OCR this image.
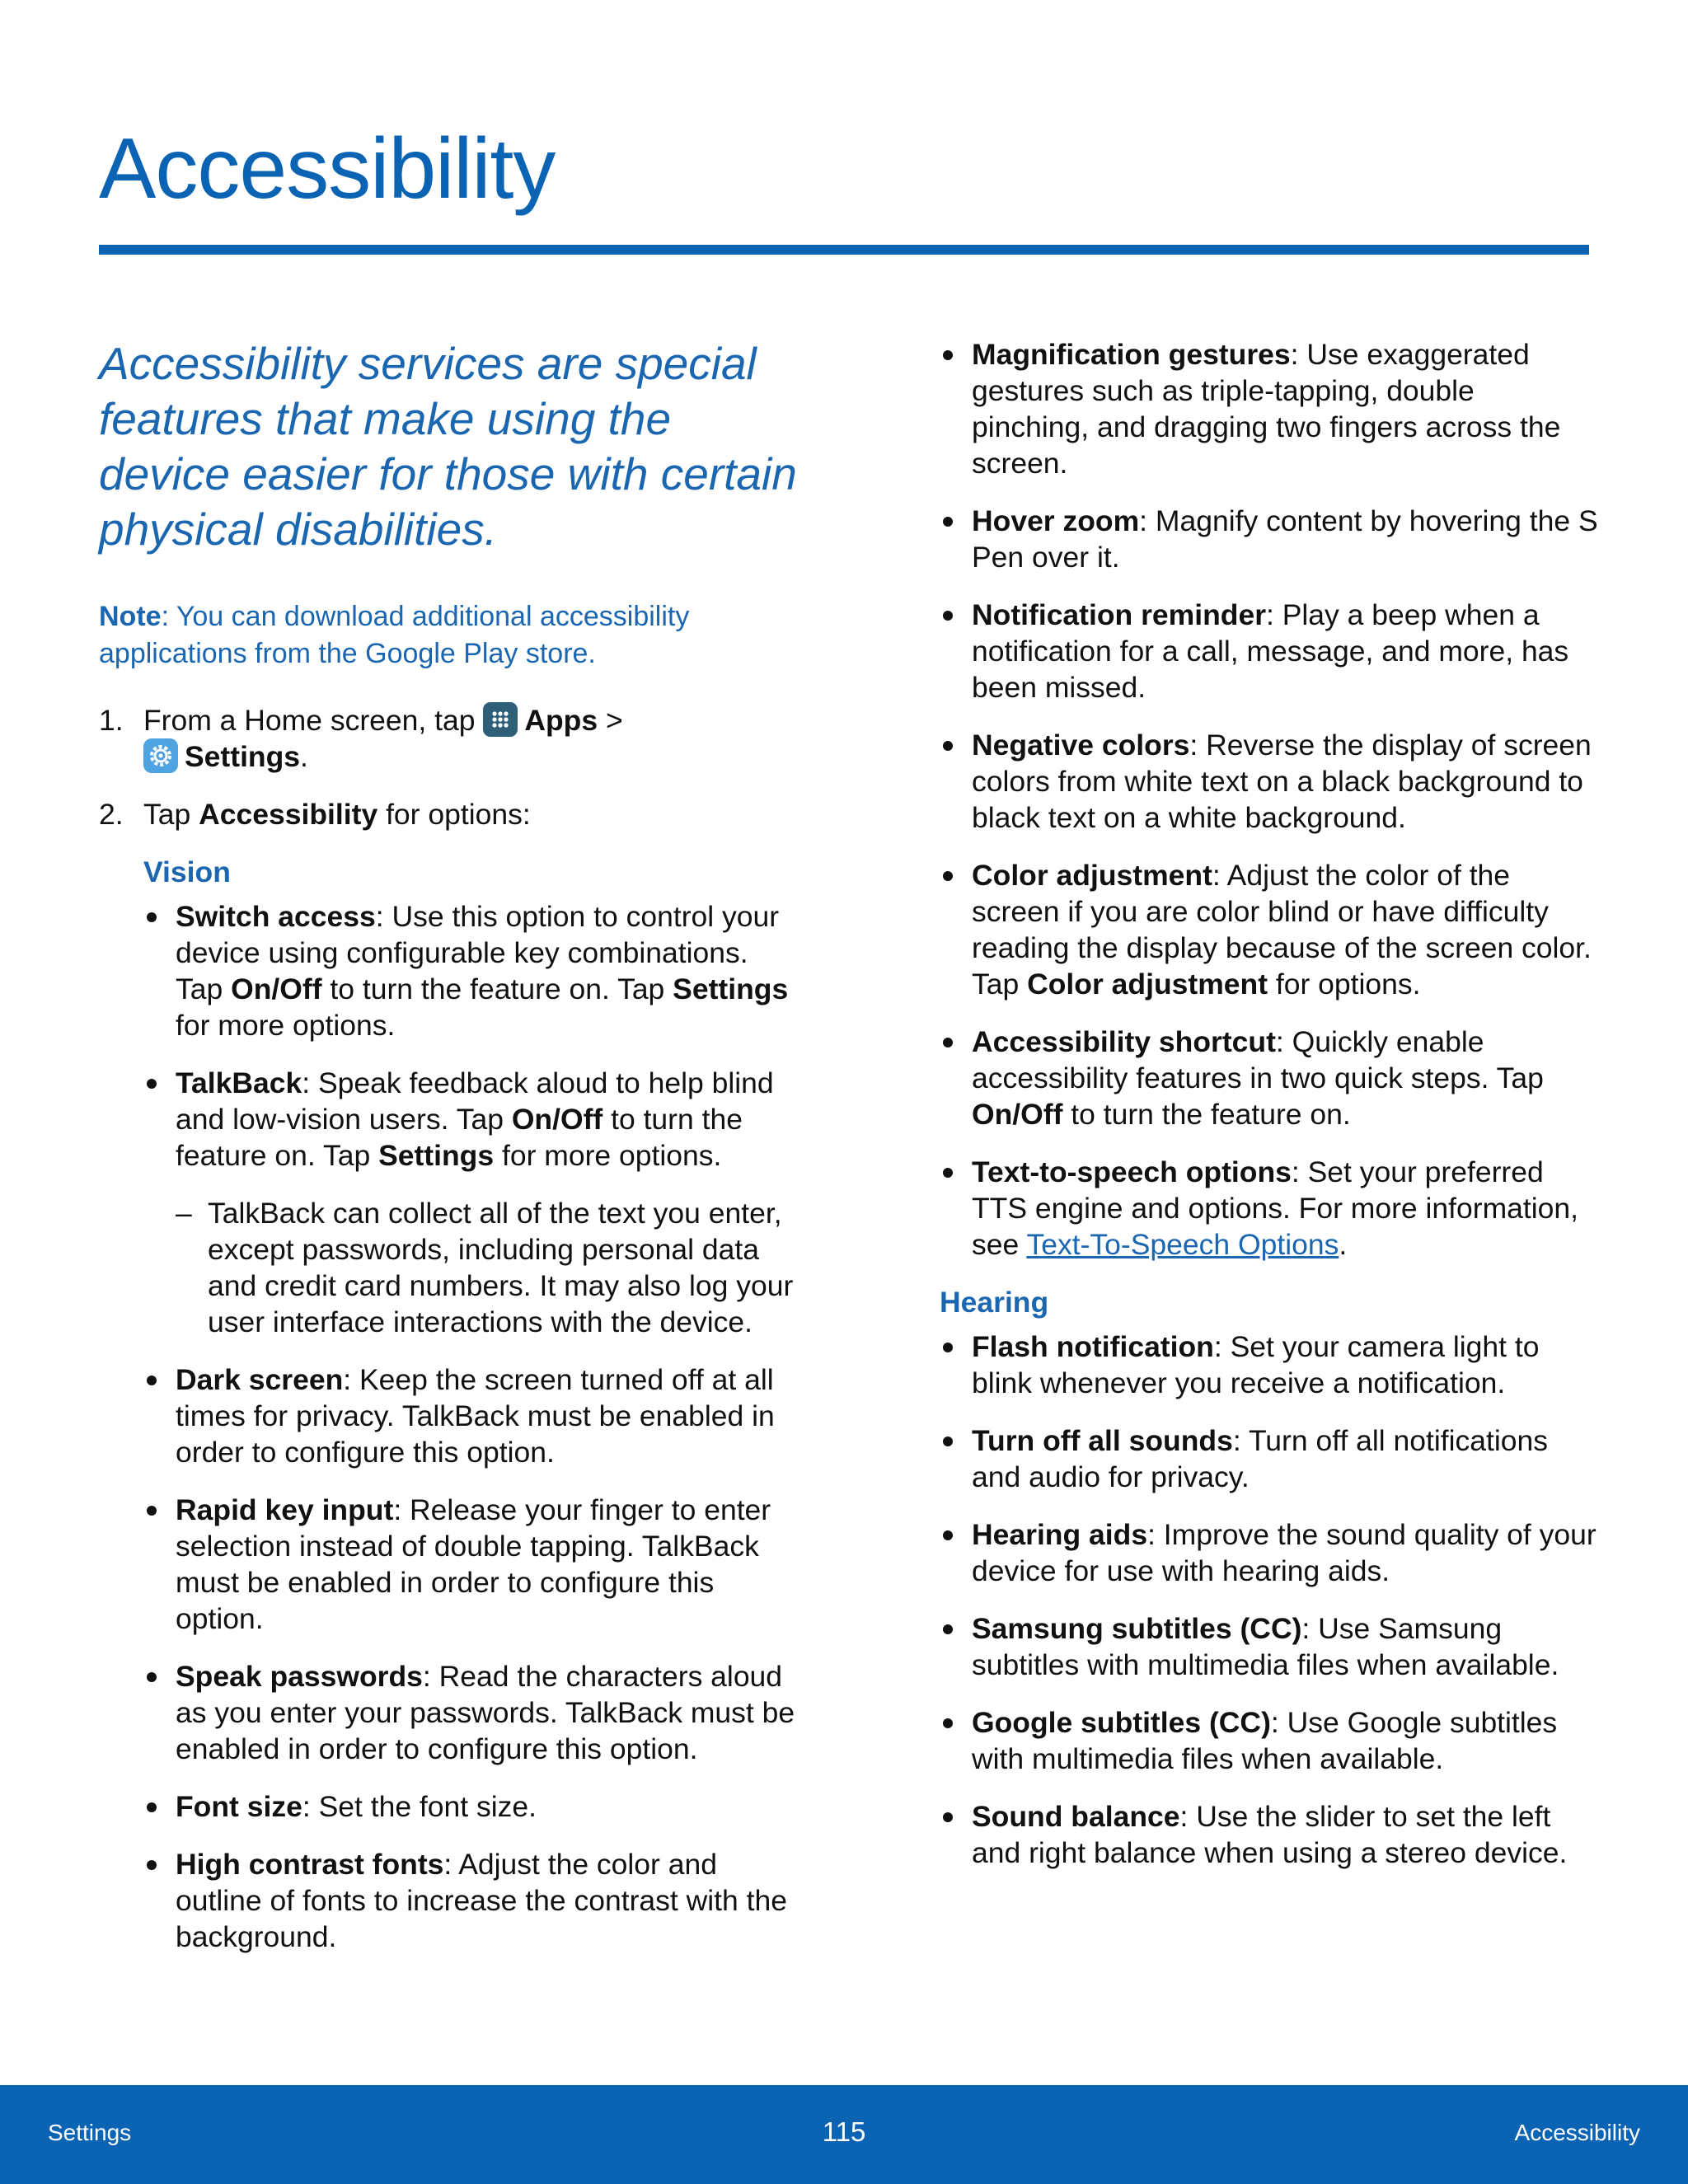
Accessibility

Accessibility services are special features that make using the device easier for those with certain physical disabilities.

Note: You can download additional accessibility applications from the Google Play store.

1. From a Home screen, tap Apps >

Settings.
2. Tap Accessibility for options:
Vision
Switch access: Use this option to control your device using configurable key combinations. Tap On/Off to turn the feature on. Tap Settings for more options.
TalkBack: Speak feedback aloud to help blind and low-vision users. Tap On/Off to turn the feature on. Tap Settings for more options.
– TalkBack can collect all of the text you enter, except passwords, including personal data and credit card numbers. It may also log your user interface interactions with the device.
Dark screen: Keep the screen turned off at all times for privacy. TalkBack must be enabled in order to configure this option.
Rapid key input: Release your finger to enter selection instead of double tapping. TalkBack must be enabled in order to configure this option.
Speak passwords: Read the characters aloud as you enter your passwords. TalkBack must be enabled in order to configure this option.
Font size: Set the font size.
High contrast fonts: Adjust the color and outline of fonts to increase the contrast with the background.
Magnification gestures: Use exaggerated gestures such as triple-tapping, double pinching, and dragging two fingers across the screen.
Hover zoom: Magnify content by hovering the S Pen over it.
Notification reminder: Play a beep when a notification for a call, message, and more, has been missed.
Negative colors: Reverse the display of screen colors from white text on a black background to black text on a white background.
Color adjustment: Adjust the color of the screen if you are color blind or have difficulty reading the display because of the screen color. Tap Color adjustment for options.
Accessibility shortcut: Quickly enable accessibility features in two quick steps. Tap On/Off to turn the feature on.
Text-to-speech options: Set your preferred TTS engine and options. For more information, see Text-To-Speech Options.
Hearing
Flash notification: Set your camera light to blink whenever you receive a notification.
Turn off all sounds: Turn off all notifications and audio for privacy.
Hearing aids: Improve the sound quality of your device for use with hearing aids.
Samsung subtitles (CC): Use Samsung subtitles with multimedia files when available.
Google subtitles (CC): Use Google subtitles with multimedia files when available.
Sound balance: Use the slider to set the left and right balance when using a stereo device.
Settings	115	Accessibility
